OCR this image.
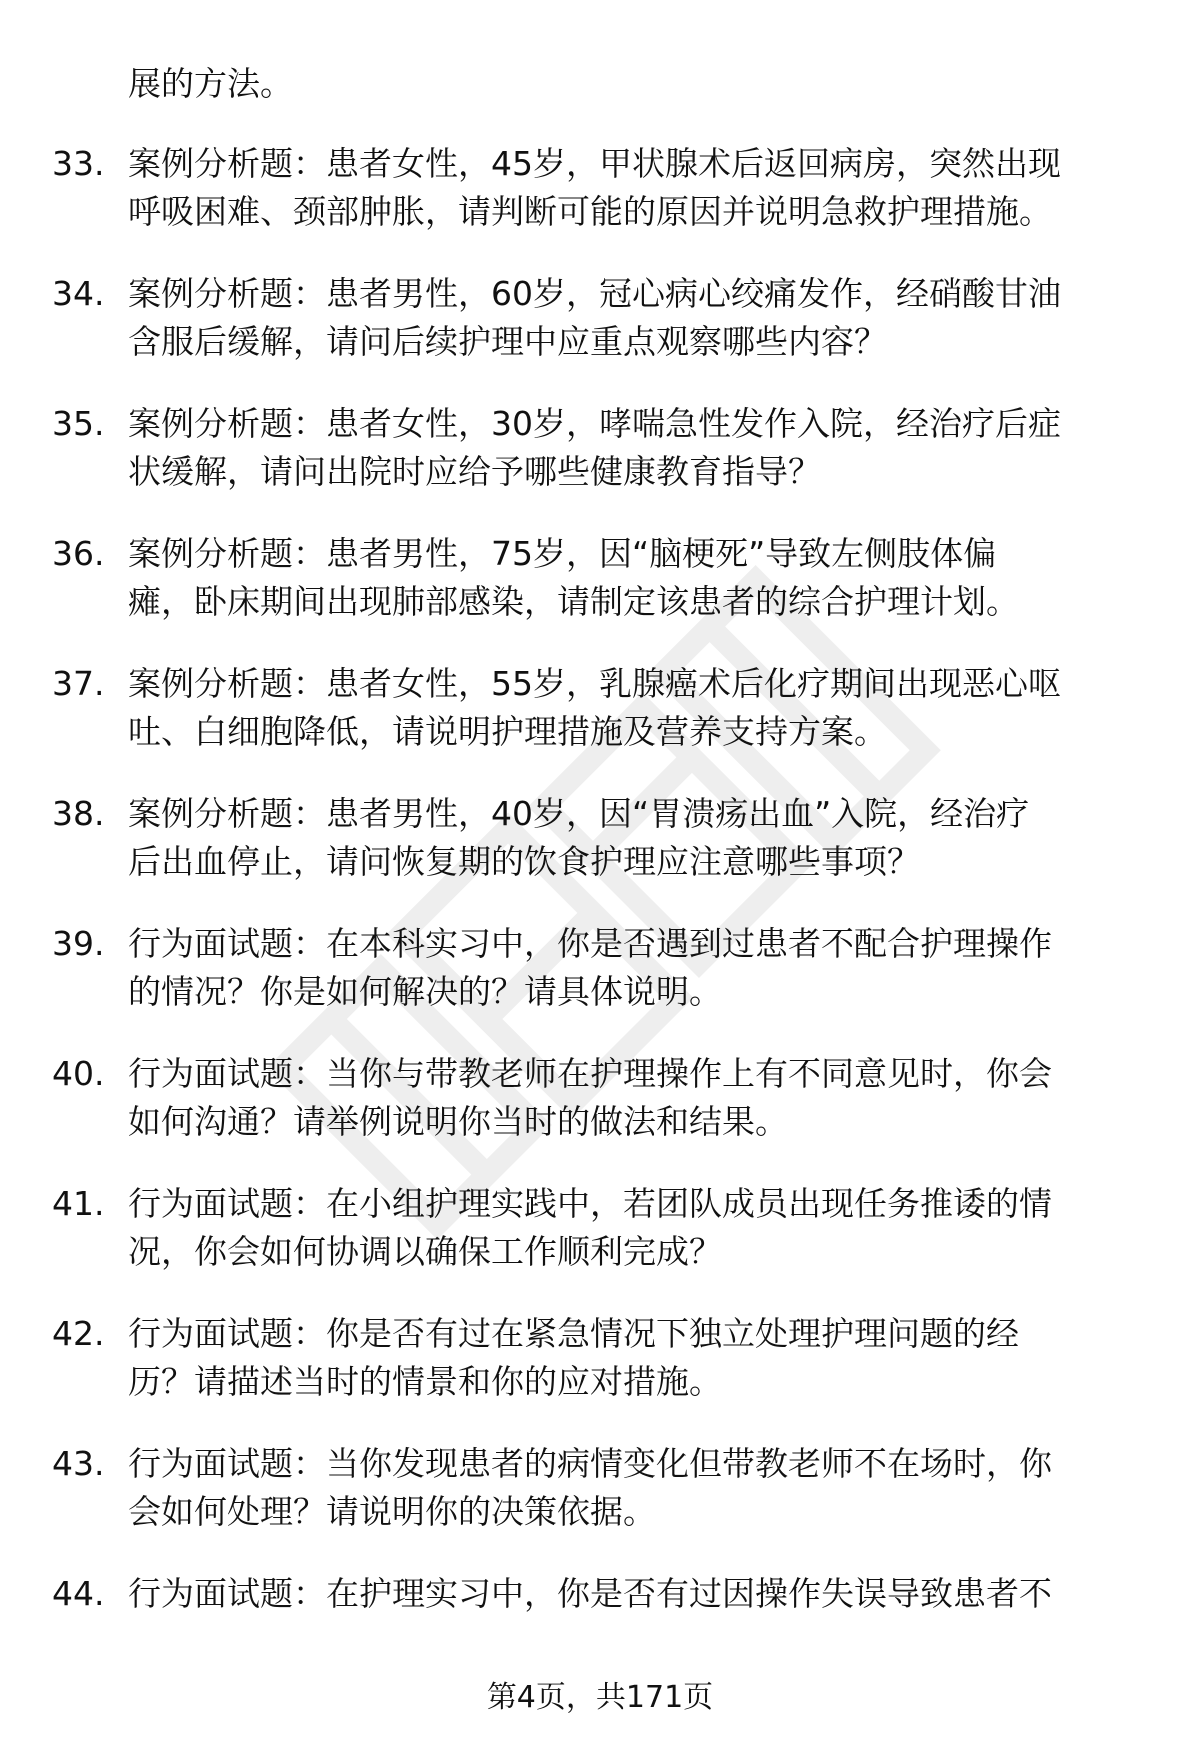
展的方法。
33. 案例分析题：患者女性，45岁，甲状腺术后返回病房，突然出现
呼吸困难、颈部肿胀，请判断可能的原因并说明急救护理措施。
34. 案例分析题：患者男性，60岁，冠心病心绞痛发作，经硝酸甘油
含服后缓解，请问后续护理中应重点观察哪些内容？
35. 案例分析题：患者女性，30岁，哮喘急性发作入院，经治疗后症
状缓解，请问出院时应给予哪些健康教育指导？
36. 案例分析题：患者男性，75岁，因“脑梗死”导致左侧肢体偏
瘫，卧床期间出现肺部感染，请制定该患者的综合护理计划。
37. 案例分析题：患者女性，55岁，乳腺癌术后化疗期间出现恶心呕
吐、白细胞降低，请说明护理措施及营养支持方案。
38. 案例分析题：患者男性，40岁，因“胃溃疡出血”入院，经治疗
后出血停止，请问恢复期的饮食护理应注意哪些事项？
39. 行为面试题：在本科实习中，你是否遇到过患者不配合护理操作
的情况？你是如何解决的？请具体说明。
40. 行为面试题：当你与带教老师在护理操作上有不同意见时，你会
如何沟通？请举例说明你当时的做法和结果。
41. 行为面试题：在小组护理实践中，若团队成员出现任务推诿的情
况，你会如何协调以确保工作顺利完成？
42. 行为面试题：你是否有过在紧急情况下独立处理护理问题的经
历？请描述当时的情景和你的应对措施。
43. 行为面试题：当你发现患者的病情变化但带教老师不在场时，你
会如何处理？请说明你的决策依据。
44. 行为面试题：在护理实习中，你是否有过因操作失误导致患者不
第4页，共171页
